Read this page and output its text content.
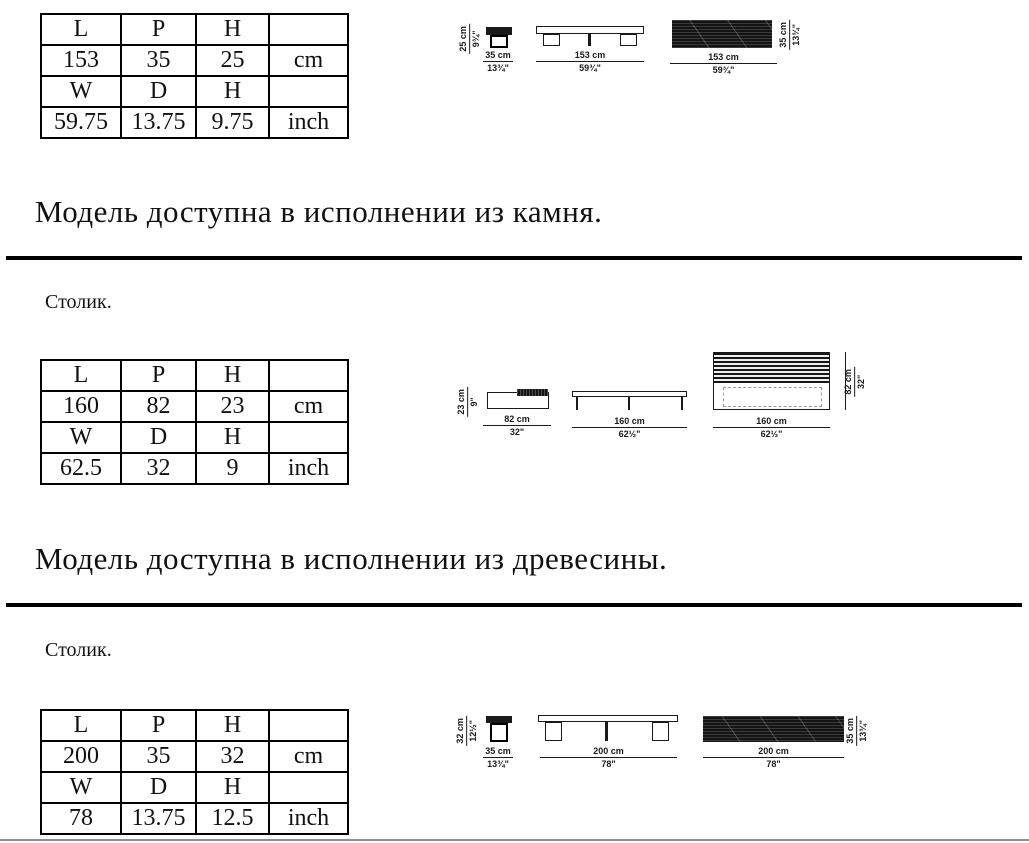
L	P	H	
153	35	25	cm
W	D	H	
59.75	13.75	9.75	inch
25 cm 9¾"
35 cm
13¾"
153 cm
59¾"
153 cm
59¾"
35 cm 13¾"
Модель доступна в исполнении из камня.
Столик.
L	P	H	
160	82	23	cm
W	D	H	
62.5	32	9	inch
23 cm 9"
82 cm
32"
160 cm
62½"
82 cm 32"
160 cm
62½"
Модель доступна в исполнении из древесины.
Столик.
L	P	H	
200	35	32	cm
W	D	H	
78	13.75	12.5	inch
32 cm 12½"
35 cm
13¾"
200 cm
78"
200 cm
78"
35 cm 13¾"
